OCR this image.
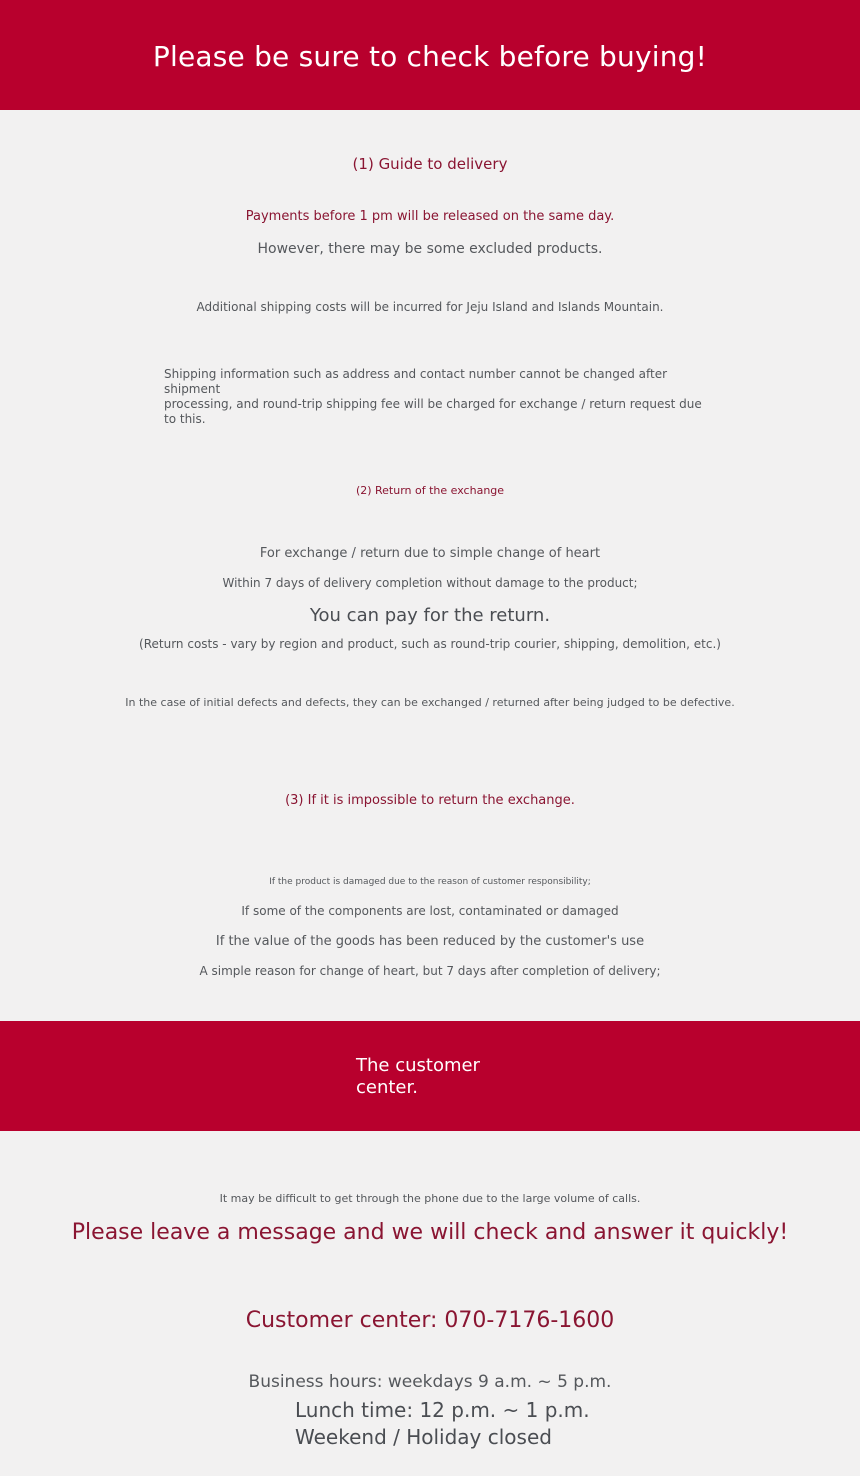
Please be sure to check before buying!
(1) Guide to delivery
Payments before 1 pm will be released on the same day.
However, there may be some excluded products.
Additional shipping costs will be incurred for Jeju Island and Islands Mountain.
Shipping information such as address and contact number cannot be changed after shipment
processing, and round-trip shipping fee will be charged for exchange / return request due to this.
(2) Return of the exchange
For exchange / return due to simple change of heart
Within 7 days of delivery completion without damage to the product;
You can pay for the return.
(Return costs - vary by region and product, such as round-trip courier, shipping, demolition, etc.)
In the case of initial defects and defects, they can be exchanged / returned after being judged to be defective.
(3) If it is impossible to return the exchange.
If the product is damaged due to the reason of customer responsibility;
If some of the components are lost, contaminated or damaged
If the value of the goods has been reduced by the customer's use
A simple reason for change of heart, but 7 days after completion of delivery;
The customer center.
It may be difficult to get through the phone due to the large volume of calls.
Please leave a message and we will check and answer it quickly!
Customer center: 070-7176-1600
Business hours: weekdays 9 a.m. ~ 5 p.m.
Lunch time: 12 p.m. ~ 1 p.m.
Weekend / Holiday closed
